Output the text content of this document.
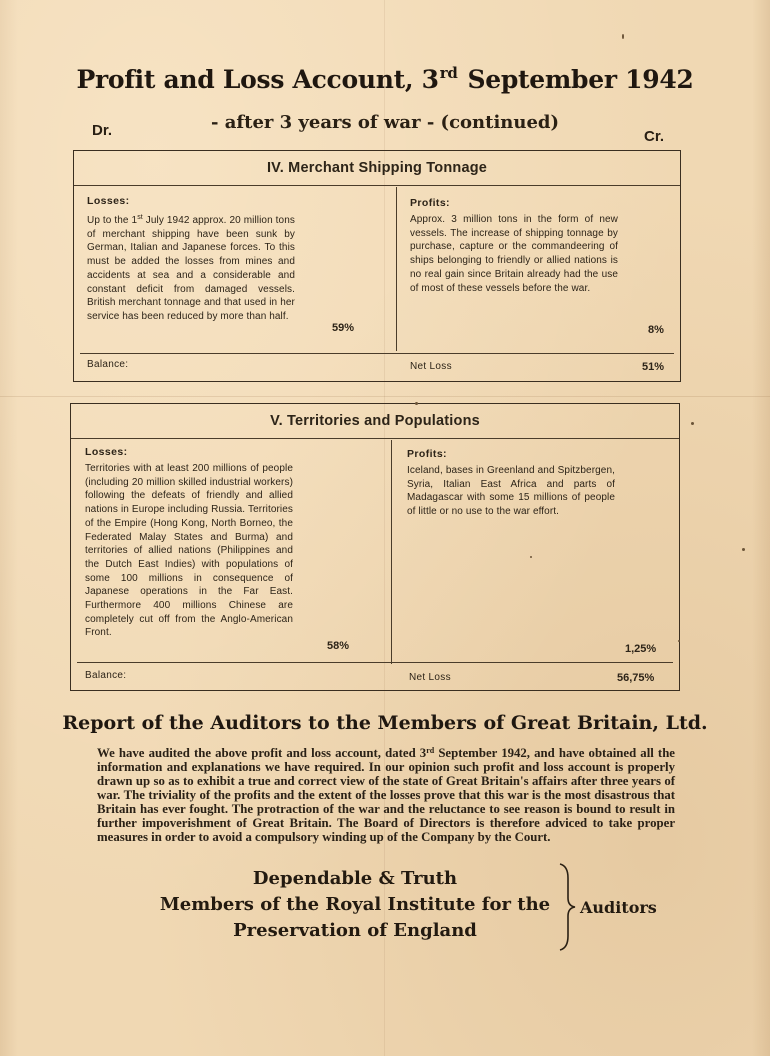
Profit and Loss Account, 3rd September 1942
- after 3 years of war - (continued)
Dr.	Cr.
IV. Merchant Shipping Tonnage
Losses:
Up to the 1st July 1942 approx. 20 million tons of merchant shipping have been sunk by German, Italian and Japanese forces. To this must be added the losses from mines and accidents at sea and a considerable and constant deficit from damaged vessels. British merchant tonnage and that used in her service has been reduced by more than half.
59%
Profits:
Approx. 3 million tons in the form of new vessels. The increase of shipping tonnage by purchase, capture or the commandeering of ships belonging to friendly or allied nations is no real gain since Britain already had the use of most of these vessels before the war.
8%
Balance:	Net Loss	51%
V. Territories and Populations
Losses:
Territories with at least 200 millions of people (including 20 million skilled industrial workers) following the defeats of friendly and allied nations in Europe including Russia. Territories of the Empire (Hong Kong, North Borneo, the Federated Malay States and Burma) and territories of allied nations (Philippines and the Dutch East Indies) with populations of some 100 millions in consequence of Japanese operations in the Far East. Furthermore 400 millions Chinese are completely cut off from the Anglo-American Front.
58%
Profits:
Iceland, bases in Greenland and Spitzbergen, Syria, Italian East Africa and parts of Madagascar with some 15 millions of people of little or no use to the war effort.
1,25%
Balance:	Net Loss	56,75%
Report of the Auditors to the Members of Great Britain, Ltd.
We have audited the above profit and loss account, dated 3rd September 1942, and have obtained all the information and explanations we have required. In our opinion such profit and loss account is properly drawn up so as to exhibit a true and correct view of the state of Great Britain's affairs after three years of war. The triviality of the profits and the extent of the losses prove that this war is the most disastrous that Britain has ever fought. The protraction of the war and the reluctance to see reason is bound to result in further impoverishment of Great Britain. The Board of Directors is therefore adviced to take proper measures in order to avoid a compulsory winding up of the Company by the Court.
Dependable & Truth
Members of the Royal Institute for the
Preservation of England
Auditors
